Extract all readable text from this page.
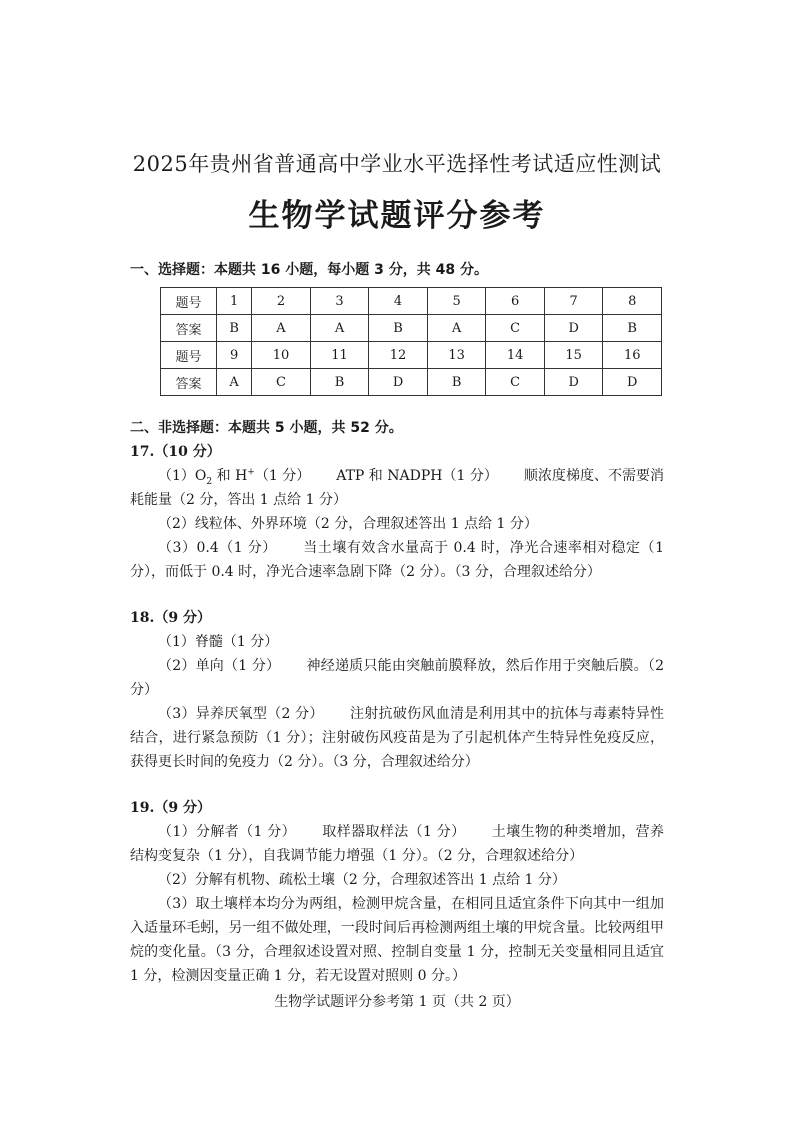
2025年贵州省普通高中学业水平选择性考试适应性测试
生物学试题评分参考
一、选择题：本题共 16 小题，每小题 3 分，共 48 分。
题号	1	2	3	4	5	6	7	8
答案	B	A	A	B	A	C	D	B
题号	9	10	11	12	13	14	15	16
答案	A	C	B	D	B	C	D	D
二、非选择题：本题共 5 小题，共 52 分。
17.（10 分）

$(1)O_2$ 和 H+（1 分） ATP 和 NADPH（1 分） 顺浓度梯度、不需要消耗能量（2 分，答出 1 点给 1 分）

（2）线粒体、外界环境（2 分，合理叙述答出 1 点给 1 分）

（3）0.4（1 分） 当土壤有效含水量高于 0.4 时，净光合速率相对稳定（1 分），而低于 0.4 时，净光合速率急剧下降（2 分）。（3 分，合理叙述给分）

18.（9 分）

（1）脊髓（1 分）

（2）单向（1 分） 神经递质只能由突触前膜释放，然后作用于突触后膜。（2 分）

（3）异养厌氧型（2 分） 注射抗破伤风血清是利用其中的抗体与毒素特异性结合，进行紧急预防（1 分）；注射破伤风疫苗是为了引起机体产生特异性免疫反应，获得更长时间的免疫力（2 分）。（3 分，合理叙述给分）

19.（9 分）

（1）分解者（1 分） 取样器取样法（1 分） 土壤生物的种类增加，营养结构变复杂（1 分），自我调节能力增强（1 分）。（2 分，合理叙述给分）

（2）分解有机物、疏松土壤（2 分，合理叙述答出 1 点给 1 分）

（3）取土壤样本均分为两组，检测甲烷含量，在相同且适宜条件下向其中一组加入适量环毛蚓，另一组不做处理，一段时间后再检测两组土壤的甲烷含量。比较两组甲烷的变化量。（3 分，合理叙述设置对照、控制自变量 1 分，控制无关变量相同且适宜 1 分，检测因变量正确 1 分，若无设置对照则 0 分。）

生物学试题评分参考第 1 页（共 2 页）
